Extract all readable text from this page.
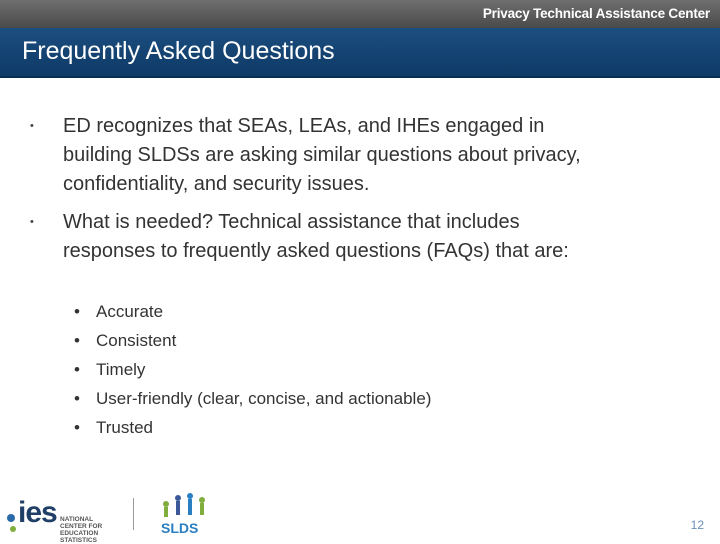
Privacy Technical Assistance Center
Frequently Asked Questions
• ED recognizes that SEAs, LEAs, and IHEs engaged in
building SLDSs are asking similar questions about privacy,
confidentiality, and security issues.
• What is needed? Technical assistance that includes
responses to frequently asked questions (FAQs) that are:
• Accurate
• Consistent
• Timely
• User-friendly (clear, concise, and actionable)
• Trusted
ies NATIONAL CENTER FOR EDUCATION STATISTICS
SLDS	12
